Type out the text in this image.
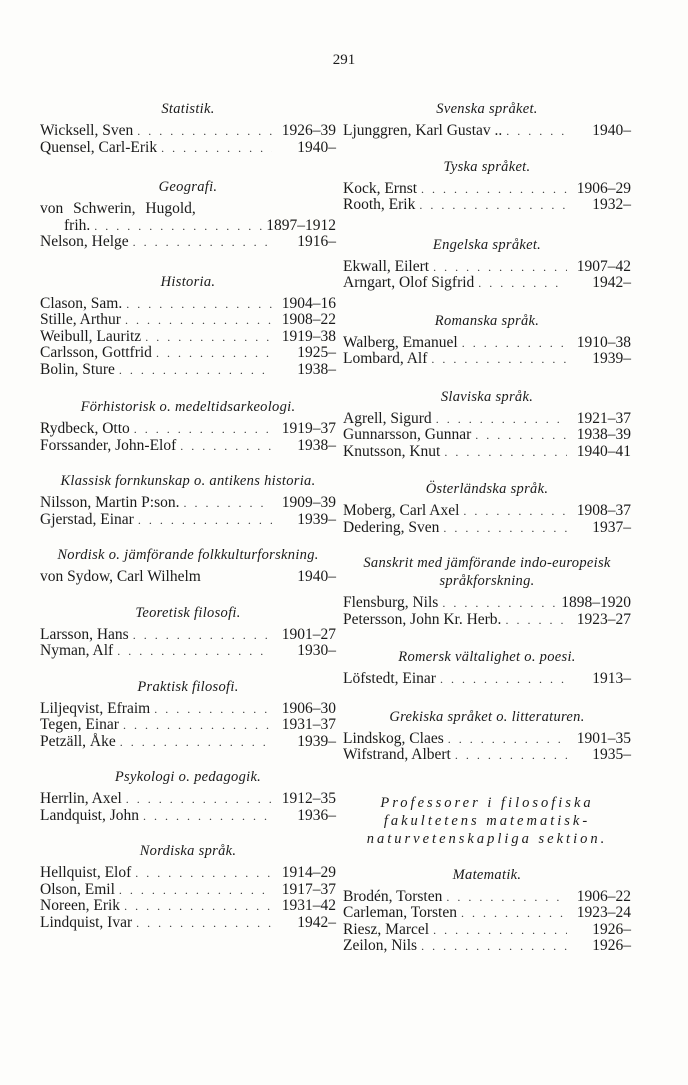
291
Statistik.
Wicksell, Sven . . .	1926–39
Quensel, Carl-Erik . . .	1940–
Geografi.
von Schwerin, Hugold,
frih. . . .	1897–1912
Nelson, Helge . . .	1916–
Historia.
Clason, Sam. . . .	1904–16
Stille, Arthur . . .	1908–22
Weibull, Lauritz . . .	1919–38
Carlsson, Gottfrid . . .	1925–
Bolin, Sture . . .	1938–
Förhistorisk o. medeltidsarkeologi.
Rydbeck, Otto . . .	1919–37
Forssander, John-Elof . . .	1938–
Klassisk fornkunskap o. antikens historia.
Nilsson, Martin P:son. . . .	1909–39
Gjerstad, Einar . . .	1939–
Nordisk o. jämförande folkkulturforskning.
von Sydow, Carl Wilhelm	1940–
Teoretisk filosofi.
Larsson, Hans . . .	1901–27
Nyman, Alf . . .	1930–
Praktisk filosofi.
Liljeqvist, Efraim . . .	1906–30
Tegen, Einar . . .	1931–37
Petzäll, Åke . . .	1939–
Psykologi o. pedagogik.
Herrlin, Axel . . .	1912–35
Landquist, John . . .	1936–
Nordiska språk.
Hellquist, Elof . . .	1914–29
Olson, Emil . . .	1917–37
Noreen, Erik . . .	1931–42
Lindquist, Ivar . . .	1942–
Svenska språket.
Ljunggren, Karl Gustav .. . . .	1940–
Tyska språket.
Kock, Ernst . . .	1906–29
Rooth, Erik . . .	1932–
Engelska språket.
Ekwall, Eilert . . .	1907–42
Arngart, Olof Sigfrid . . .	1942–
Romanska språk.
Walberg, Emanuel . . .	1910–38
Lombard, Alf . . .	1939–
Slaviska språk.
Agrell, Sigurd . . .	1921–37
Gunnarsson, Gunnar . . .	1938–39
Knutsson, Knut . . .	1940–41
Österländska språk.
Moberg, Carl Axel . . .	1908–37
Dedering, Sven . . .	1937–
Sanskrit med jämförande indo-europeisk språkforskning.
Flensburg, Nils . . .	1898–1920
Petersson, John Kr. Herb. . . .	1923–27
Romersk vältalighet o. poesi.
Löfstedt, Einar . . .	1913–
Grekiska språket o. litteraturen.
Lindskog, Claes . . .	1901–35
Wifstrand, Albert . . .	1935–
Professorer i filosofiska fakultetens matematisk-naturvetenskapliga sektion.
Matematik.
Brodén, Torsten . . .	1906–22
Carleman, Torsten . . .	1923–24
Riesz, Marcel . . .	1926–
Zeilon, Nils . . .	1926–
